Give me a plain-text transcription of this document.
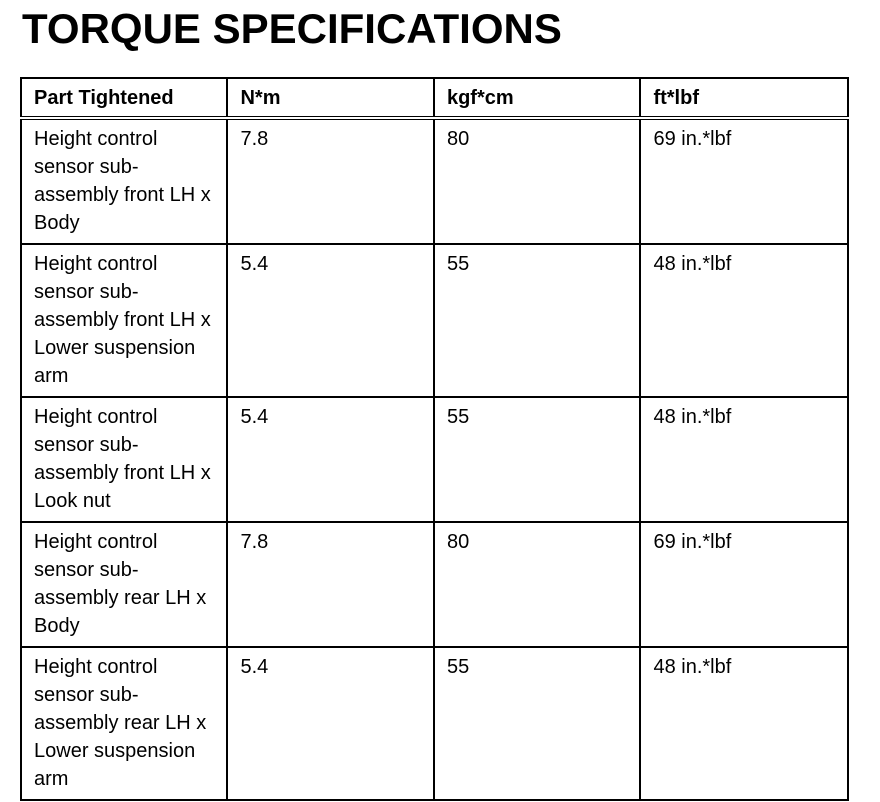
TORQUE SPECIFICATIONS
Part Tightened	N*m	kgf*cm	ft*lbf
Height control sensor sub-assembly front LH x Body	7.8	80	69 in.*lbf
Height control sensor sub-assembly front LH x Lower suspension arm	5.4	55	48 in.*lbf
Height control sensor sub-assembly front LH x Look nut	5.4	55	48 in.*lbf
Height control sensor sub-assembly rear LH x Body	7.8	80	69 in.*lbf
Height control sensor sub-assembly rear LH x Lower suspension arm	5.4	55	48 in.*lbf
